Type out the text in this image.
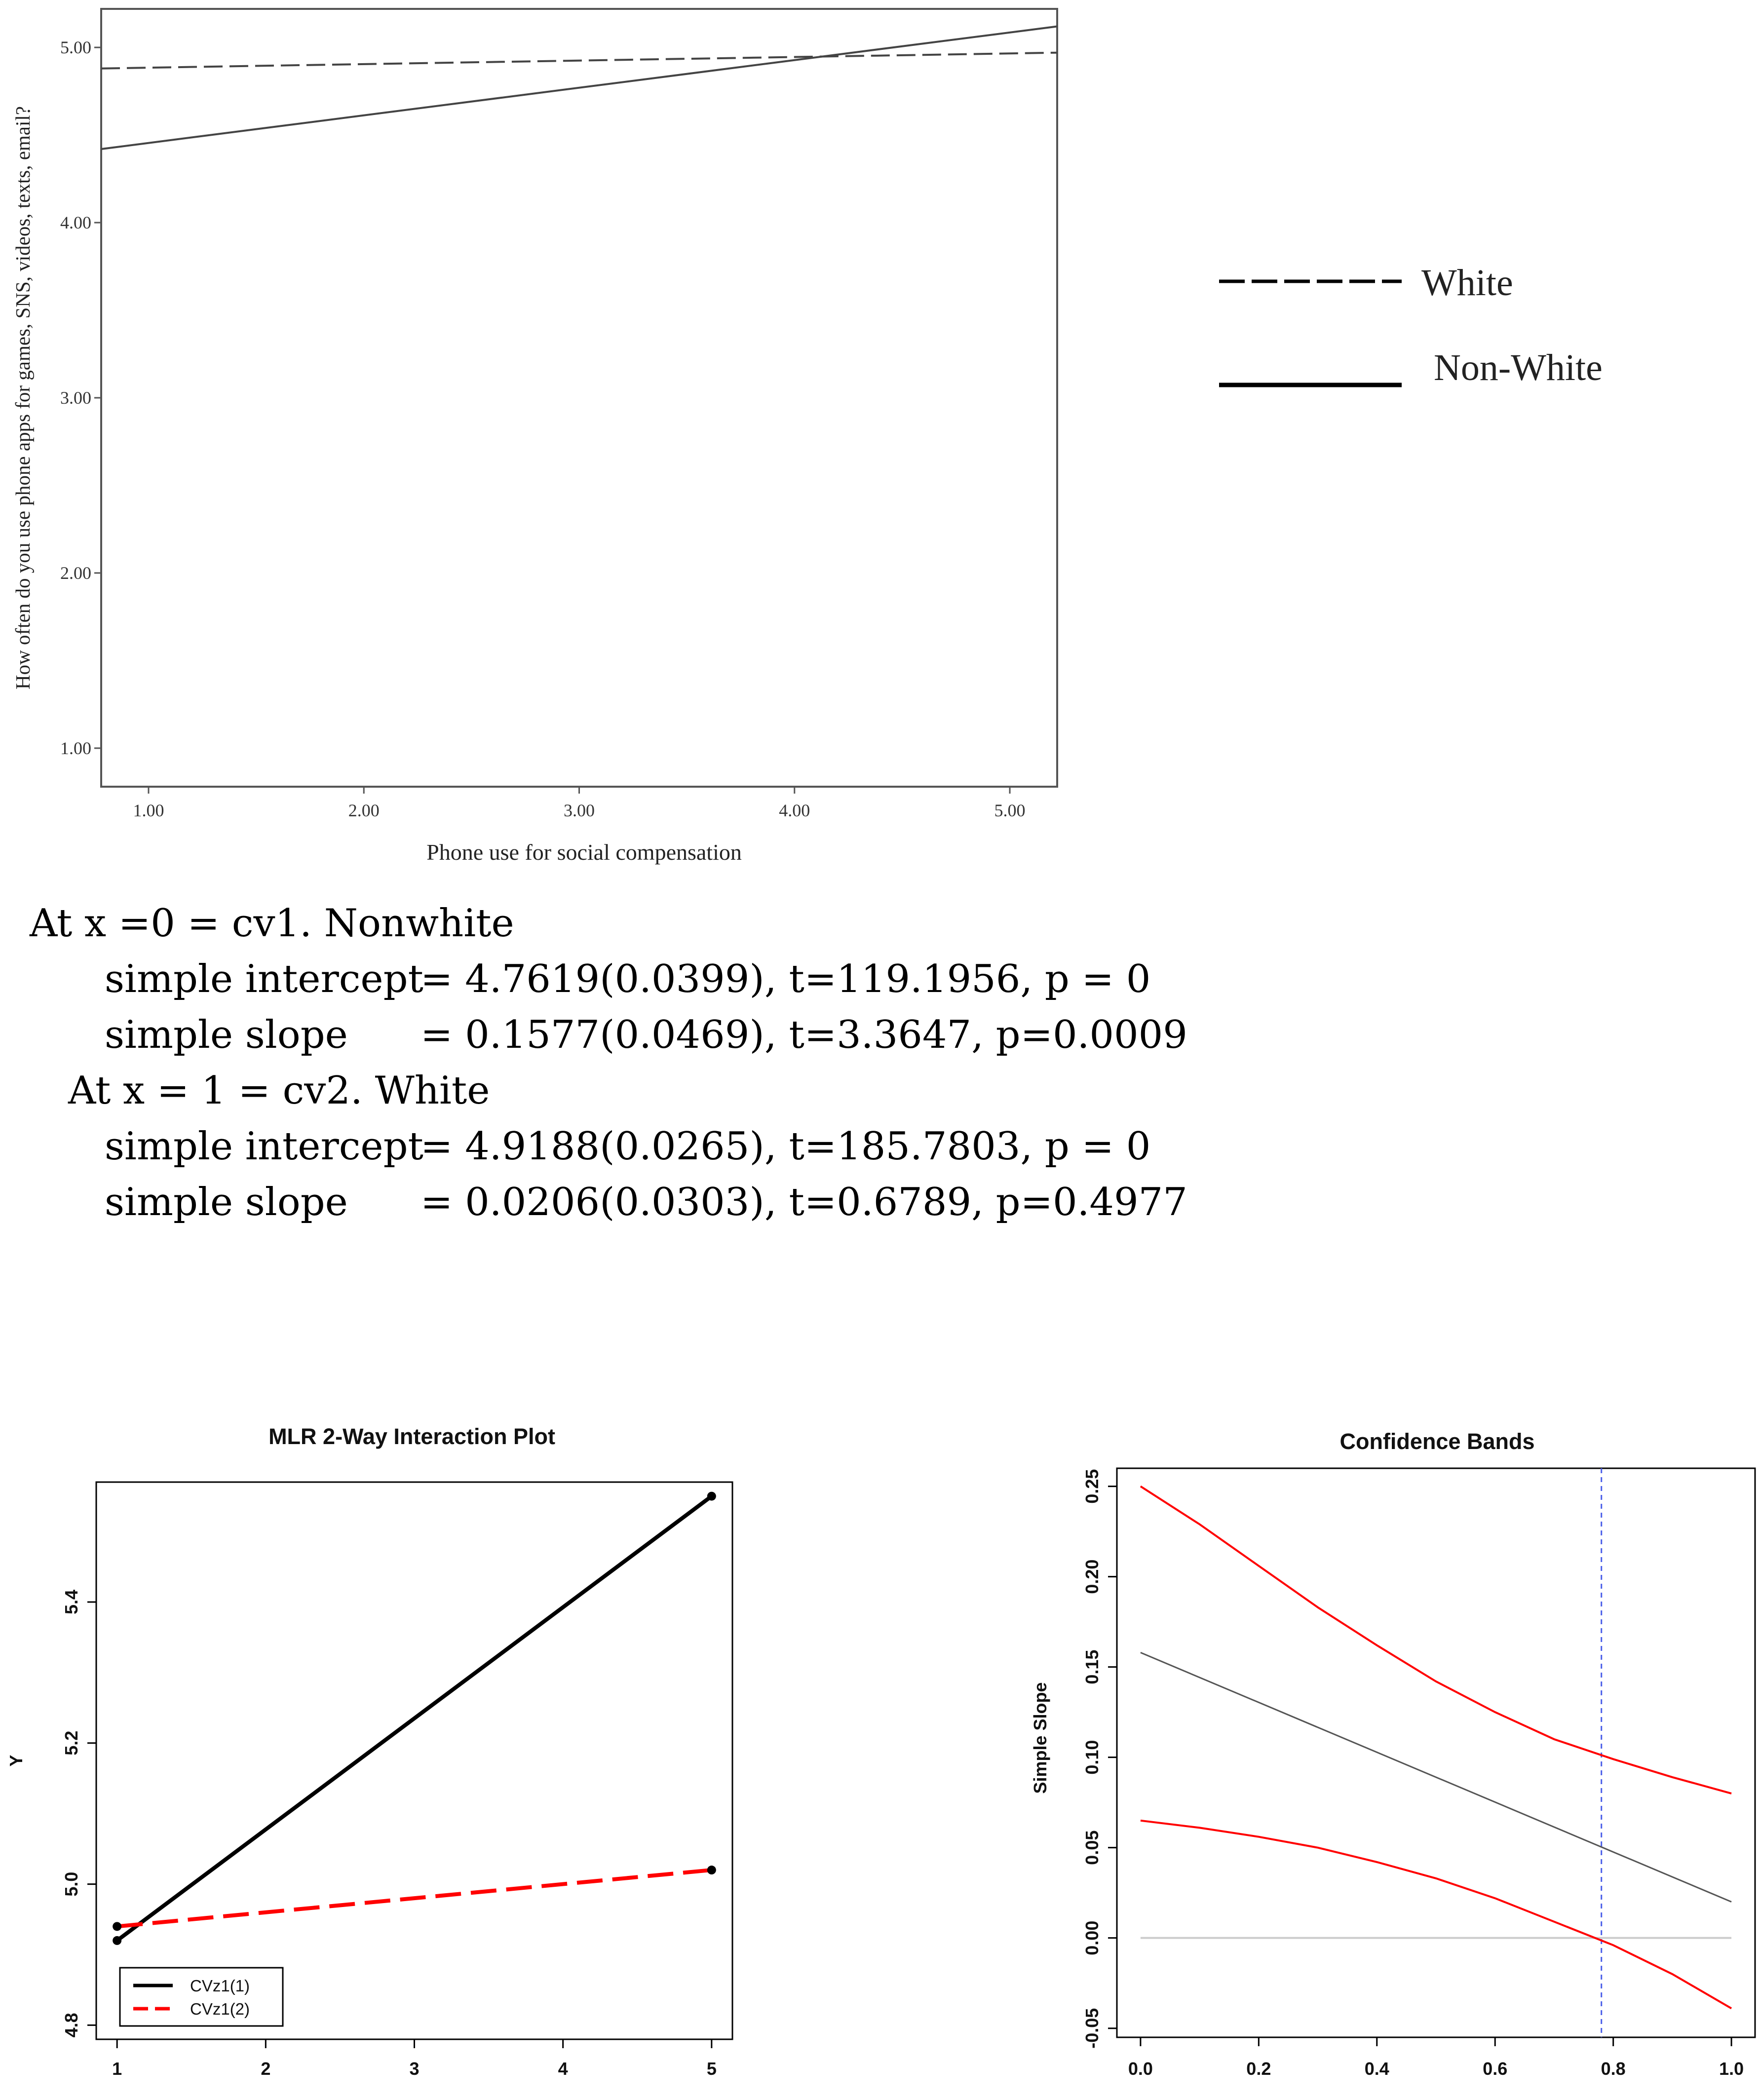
1.00	2.00	3.00	4.00	5.00
1.00
2.00
3.00
4.00
5.00
Phone use for social compensation
How often do you use phone apps for games, SNS, videos, texts, email?	White
Non-White
MLR 2-Way Interaction Plot
1	2	3	4	5
4.8
5.0
5.2
5.4
Y
CVz1(1)
CVz1(2)
Confidence Bands
0.0	0.2	0.4	0.6	0.8	1.0
-0.05
0.00
0.05
0.10
0.15
0.20
0.25
Simple Slope
At x =0 = cv1. Nonwhite
simple intercept= 4.7619(0.0399), t=119.1956, p = 0
simple slope = 0.1577(0.0469), t=3.3647, p=0.0009
At x = 1 = cv2. White
simple intercept= 4.9188(0.0265), t=185.7803, p = 0
simple slope = 0.0206(0.0303), t=0.6789, p=0.4977
